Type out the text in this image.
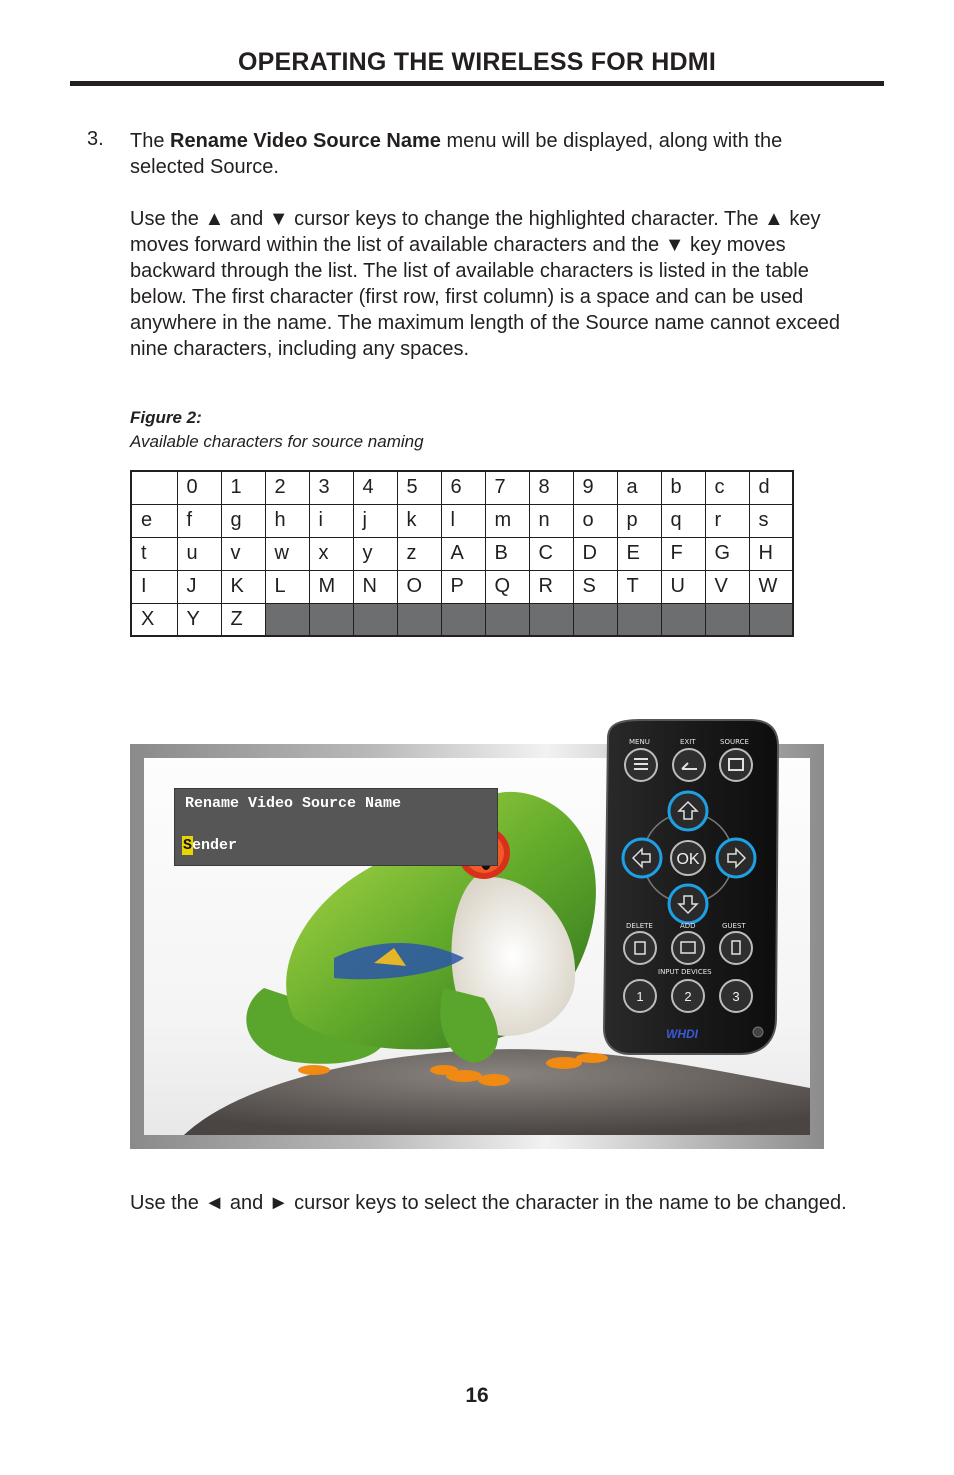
OPERATING THE WIRELESS FOR HDMI
3. The Rename Video Source Name menu will be displayed, along with the selected Source.

Use the ▲ and ▼ cursor keys to change the highlighted character. The ▲ key moves forward within the list of available characters and the ▼ key moves backward through the list. The list of available characters is listed in the table below. The first character (first row, first column) is a space and can be used anywhere in the name. The maximum length of the Source name cannot exceed nine characters, including any spaces.

Figure 2:
Available characters for source naming
	0	1	2	3	4	5	6	7	8	9	a	b	c	d
e	f	g	h	i	j	k	l	m	n	o	p	q	r	s
t	u	v	w	x	y	z	A	B	C	D	E	F	G	H
I	J	K	L	M	N	O	P	Q	R	S	T	U	V	W
X	Y	Z												
Rename Video Source Name
Sender
MENU	EXIT	SOURCE
OK
DELETE	ADD	GUEST
INPUT DEVICES
1	2	3
WHDI

Use the ◄ and ► cursor keys to select the character in the name to be changed.

16
